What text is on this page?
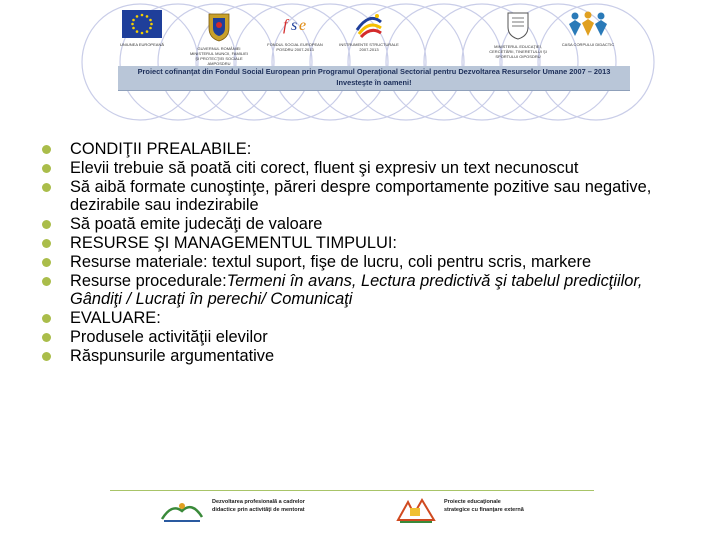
UNIUNEA EUROPEANĂ
GUVERNUL ROMÂNIEI MINISTERUL MUNCII, FAMILIEI ŞI PROTECŢIEI SOCIALE AMPOSDRU
f s e
FONDUL SOCIAL EUROPEAN POSDRU 2007-2013
INSTRUMENTE STRUCTURALE 2007-2013
MINISTERUL EDUCAŢIEI, CERCETĂRII, TINERETULUI ŞI SPORTULUI OIPOSDRU
CASA CORPULUI DIDACTIC
Proiect cofinanţat din Fondul Social European prin Programul Operaţional Sectorial pentru Dezvoltarea Resurselor Umane 2007 – 2013
Investeşte în oameni!
CONDIŢII PREALABILE:
Elevii trebuie să poată citi corect, fluent şi expresiv un text necunoscut
Să aibă formate cunoştinţe, păreri despre comportamente pozitive sau negative, dezirabile sau indezirabile
Să poată emite judecăţi de valoare
RESURSE ŞI MANAGEMENTUL TIMPULUI:
Resurse materiale: textul suport, fişe de lucru, coli pentru scris, markere
Resurse procedurale:Termeni în avans, Lectura predictivă şi tabelul predicţiilor, Gândiţi / Lucraţi în perechi/ Comunicaţi
EVALUARE:
Produsele activităţii elevilor
Răspunsurile argumentative
Dezvoltarea profesională a cadrelor
didactice prin activităţi de mentorat
Proiecte educaţionale
strategice cu finanţare externă
